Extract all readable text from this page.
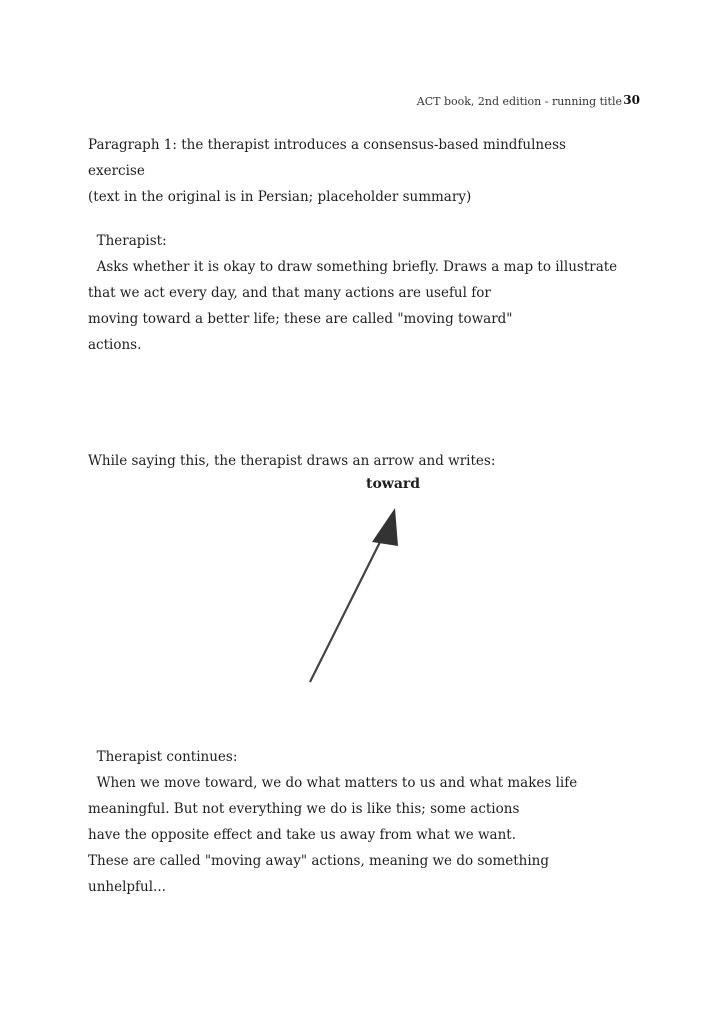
30
ACT book, 2nd edition - running title
Paragraph 1: the therapist introduces a consensus-based mindfulness exercise
(text in the original is in Persian; placeholder summary)

Therapist:
Asks whether it is okay to draw something briefly. Draws a map to illustrate
that we act every day, and that many actions are useful for
moving toward a better life; these are called "moving toward"
actions.

While saying this, the therapist draws an arrow and writes:
toward

Therapist continues:
When we move toward, we do what matters to us and what makes life
meaningful. But not everything we do is like this; some actions
have the opposite effect and take us away from what we want.
These are called "moving away" actions, meaning we do something
unhelpful...
